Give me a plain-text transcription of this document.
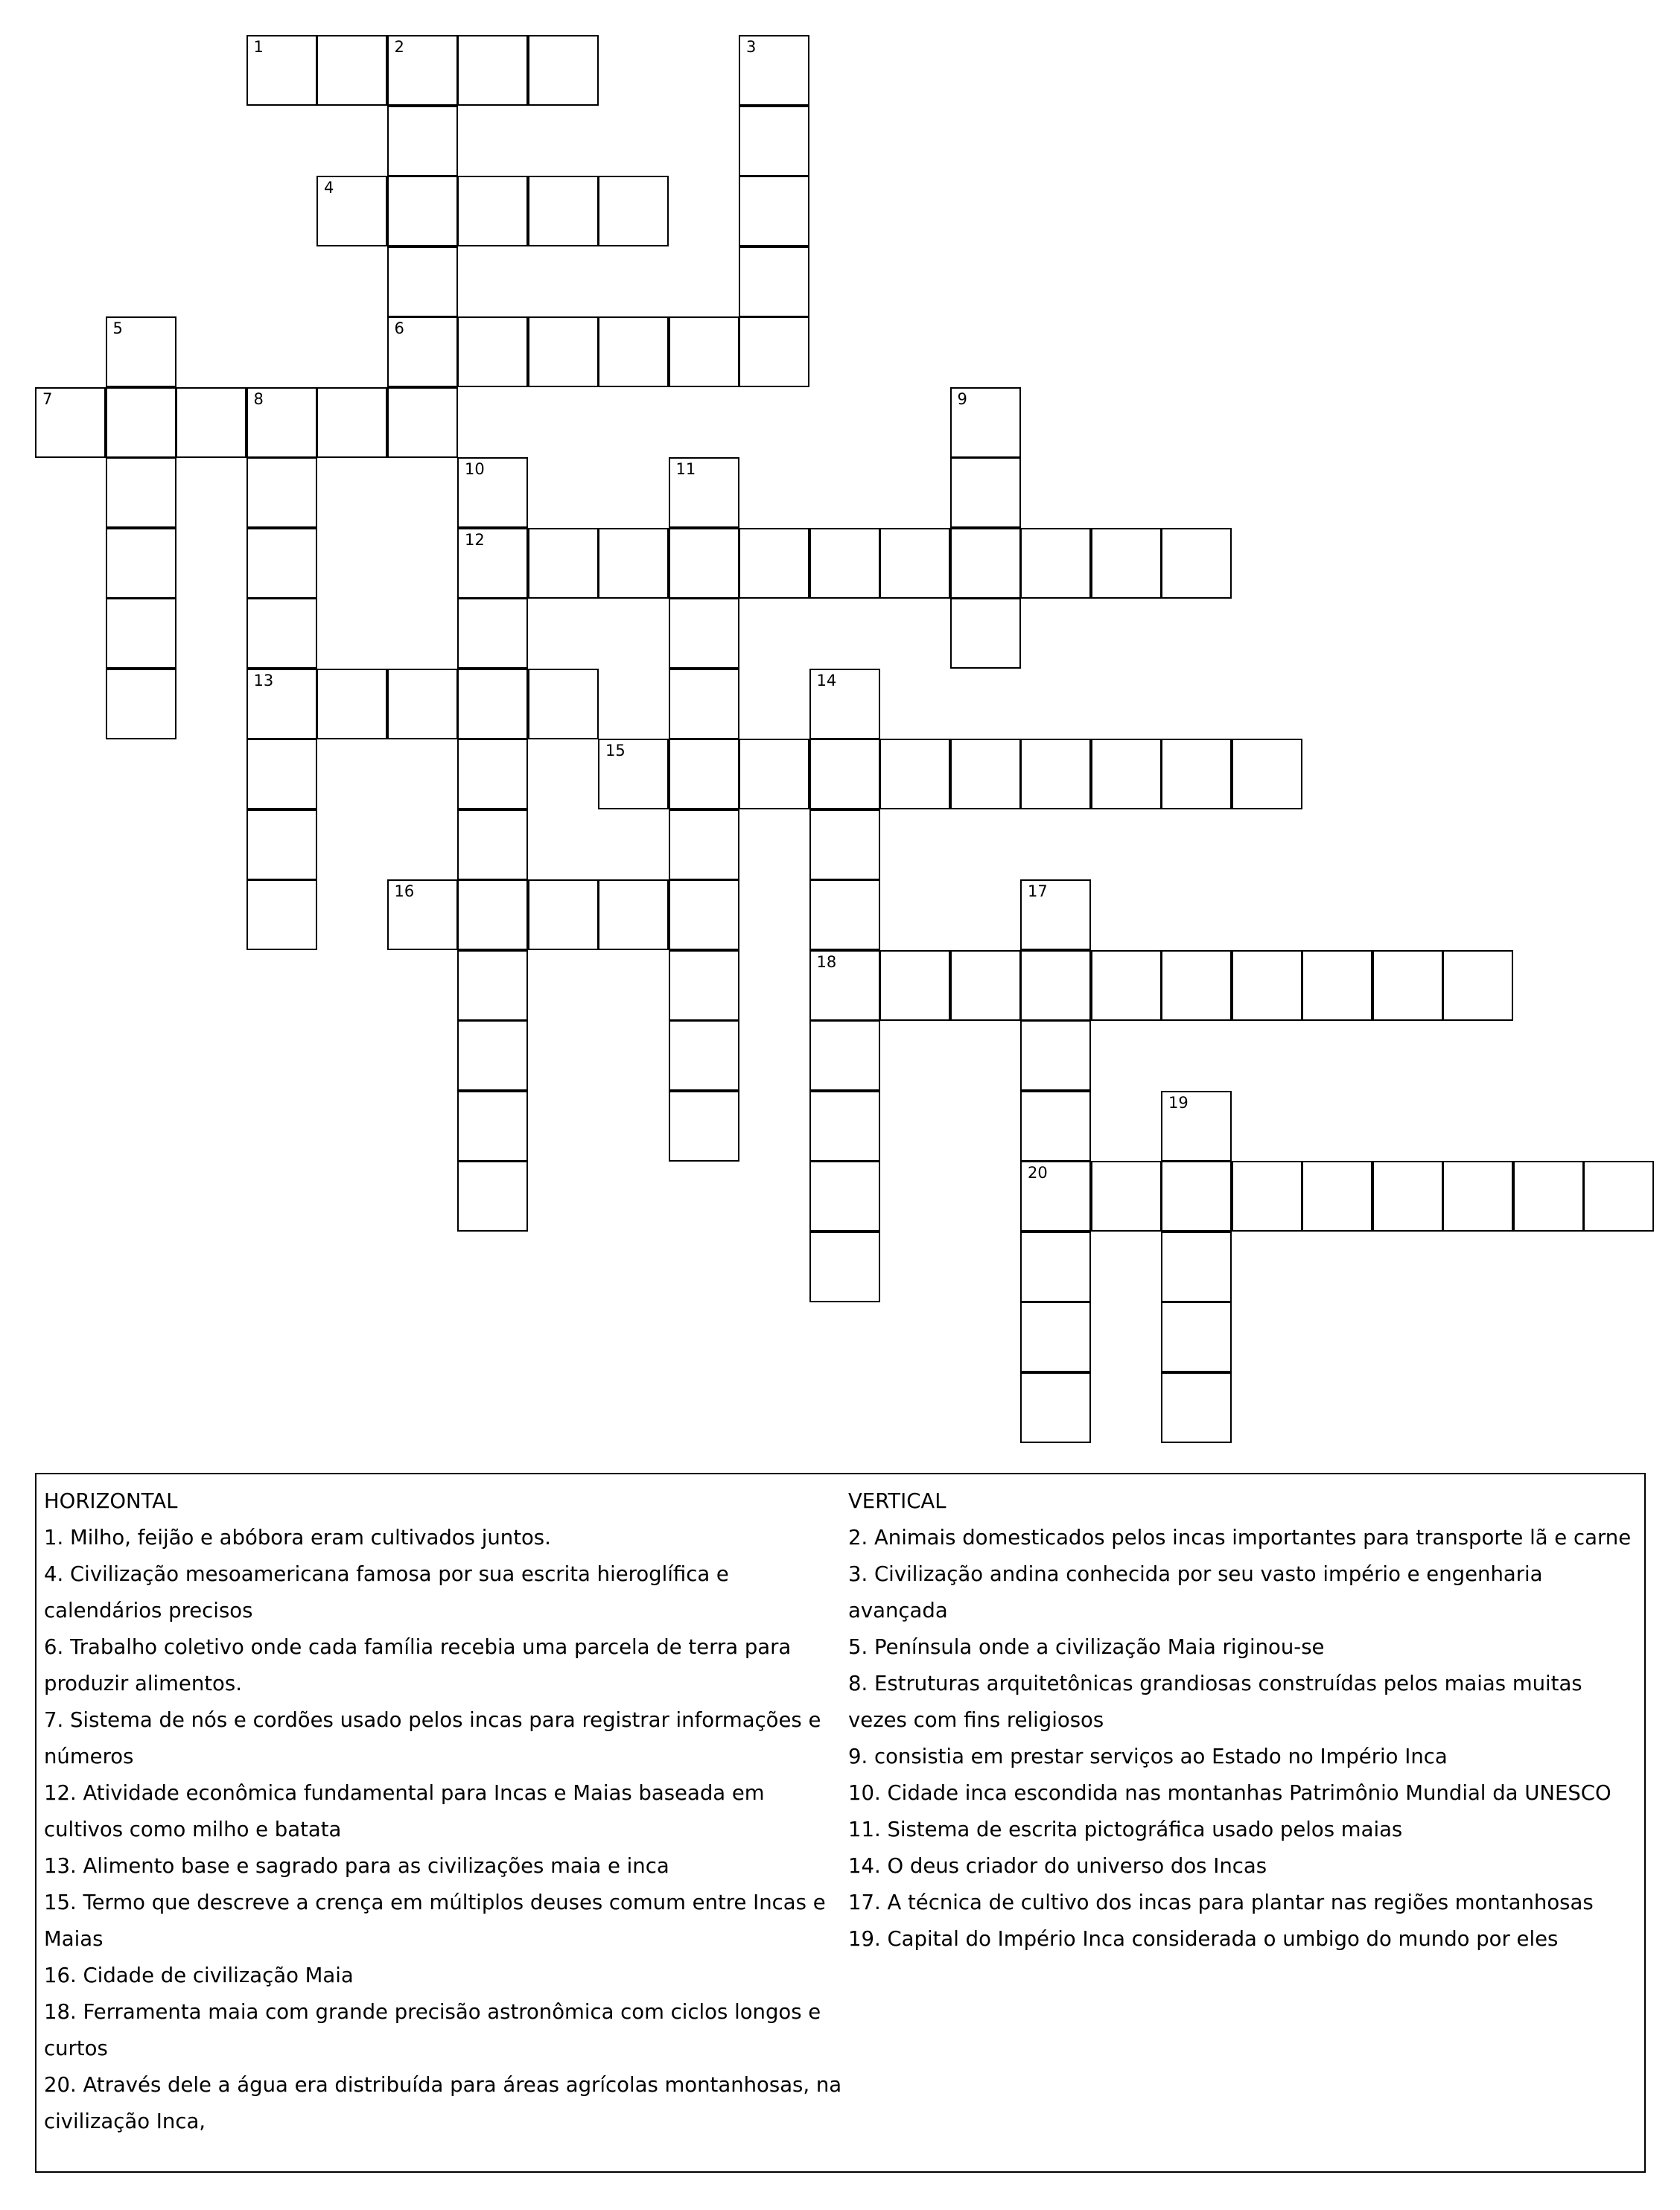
1	2
6
3
4
5
7	8
13
9
10
12
11
14
18
15
16	17
20
19
HORIZONTAL
1. Milho, feijão e abóbora eram cultivados juntos.
4. Civilização mesoamericana famosa por sua escrita hieroglífica e calendários precisos
6. Trabalho coletivo onde cada família recebia uma parcela de terra para produzir alimentos.
7. Sistema de nós e cordões usado pelos incas para registrar informações e números
12. Atividade econômica fundamental para Incas e Maias baseada em cultivos como milho e batata
13. Alimento base e sagrado para as civilizações maia e inca
15. Termo que descreve a crença em múltiplos deuses comum entre Incas e Maias
16. Cidade de civilização Maia
18. Ferramenta maia com grande precisão astronômica com ciclos longos e curtos
20. Através dele a água era distribuída para áreas agrícolas montanhosas, na civilização Inca,
VERTICAL
2. Animais domesticados pelos incas importantes para transporte lã e carne
3. Civilização andina conhecida por seu vasto império e engenharia avançada
5. Península onde a civilização Maia riginou-se
8. Estruturas arquitetônicas grandiosas construídas pelos maias muitas vezes com fins religiosos
9. consistia em prestar serviços ao Estado no Império Inca
10. Cidade inca escondida nas montanhas Patrimônio Mundial da UNESCO
11. Sistema de escrita pictográfica usado pelos maias
14. O deus criador do universo dos Incas
17. A técnica de cultivo dos incas para plantar nas regiões montanhosas
19. Capital do Império Inca considerada o umbigo do mundo por eles
